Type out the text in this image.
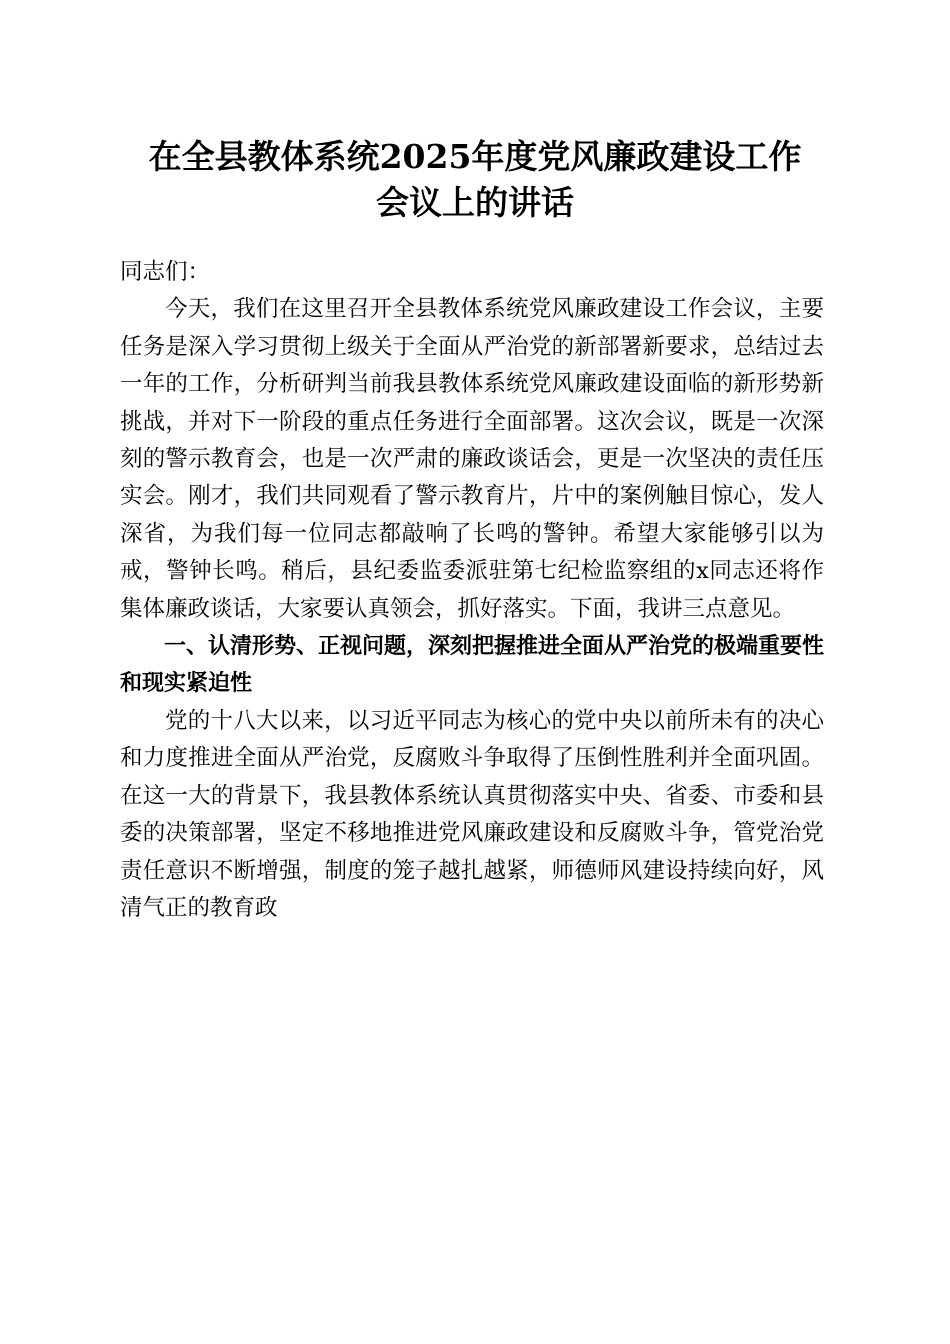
在全县教体系统2025年度党风廉政建设工作
会议上的讲话

同志们：

今天，我们在这里召开全县教体系统党风廉政建设工作会议，主要任务是深入学习贯彻上级关于全面从严治党的新部署新要求，总结过去一年的工作，分析研判当前我县教体系统党风廉政建设面临的新形势新挑战，并对下一阶段的重点任务进行全面部署。这次会议，既是一次深刻的警示教育会，也是一次严肃的廉政谈话会，更是一次坚决的责任压实会。刚才，我们共同观看了警示教育片，片中的案例触目惊心，发人深省，为我们每一位同志都敲响了长鸣的警钟。希望大家能够引以为戒，警钟长鸣。稍后，县纪委监委派驻第七纪检监察组的x同志还将作集体廉政谈话，大家要认真领会，抓好落实。下面，我讲三点意见。

一、认清形势、正视问题，深刻把握推进全面从严治党的极端重要性和现实紧迫性

党的十八大以来，以习近平同志为核心的党中央以前所未有的决心和力度推进全面从严治党，反腐败斗争取得了压倒性胜利并全面巩固。在这一大的背景下，我县教体系统认真贯彻落实中央、省委、市委和县委的决策部署，坚定不移地推进党风廉政建设和反腐败斗争，管党治党责任意识不断增强，制度的笼子越扎越紧，师德师风建设持续向好，风清气正的教育政
